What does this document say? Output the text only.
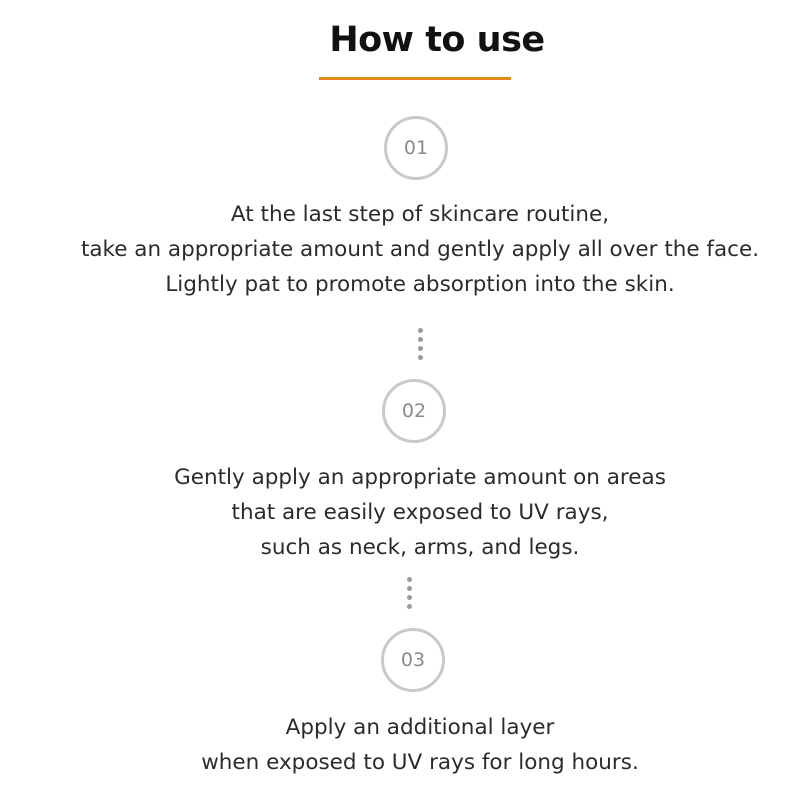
How to use
01
At the last step of skincare routine,
take an appropriate amount and gently apply all over the face.
Lightly pat to promote absorption into the skin.
02
Gently apply an appropriate amount on areas
that are easily exposed to UV rays,
such as neck, arms, and legs.
03
Apply an additional layer
when exposed to UV rays for long hours.
